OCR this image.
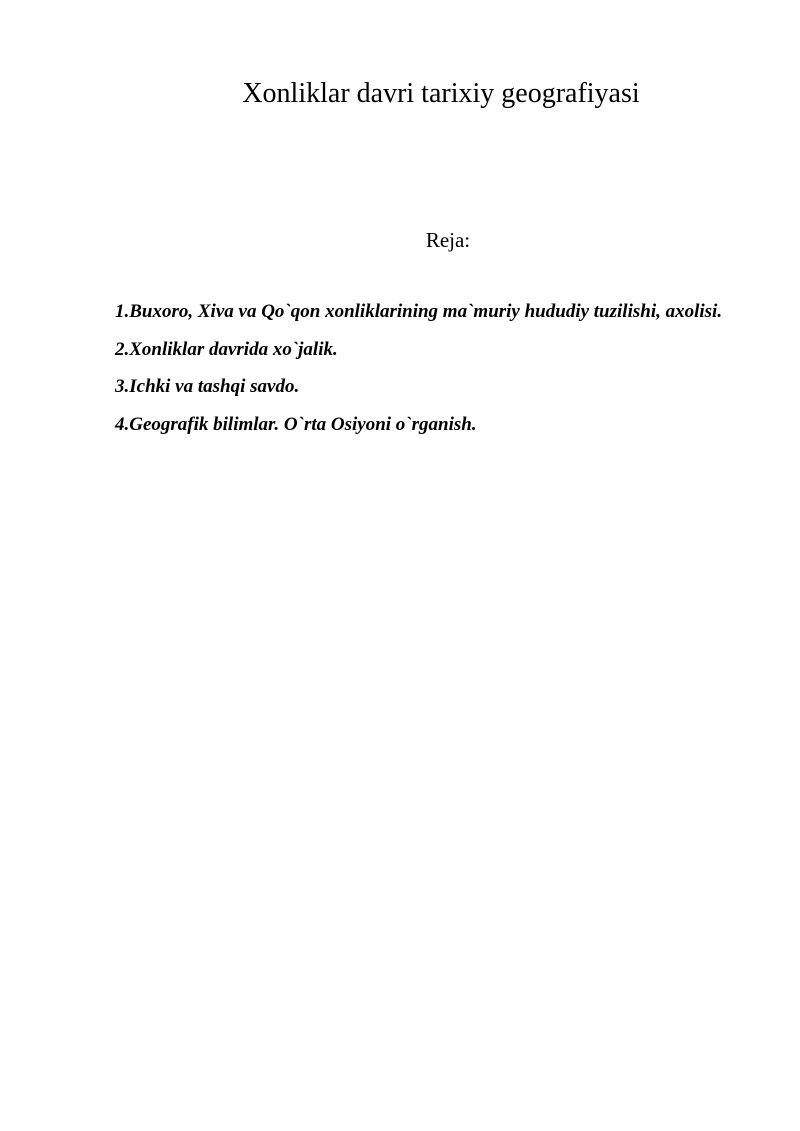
Xonliklar davri tarixiy geografiyasi
Reja:
1.Buxoro, Xiva va Qo`qon xonliklarining ma`muriy hududiy tuzilishi, axolisi.
2.Xonliklar davrida xo`jalik.
3.Ichki va tashqi savdo.
4.Geografik bilimlar. O`rta Osiyoni o`rganish.
